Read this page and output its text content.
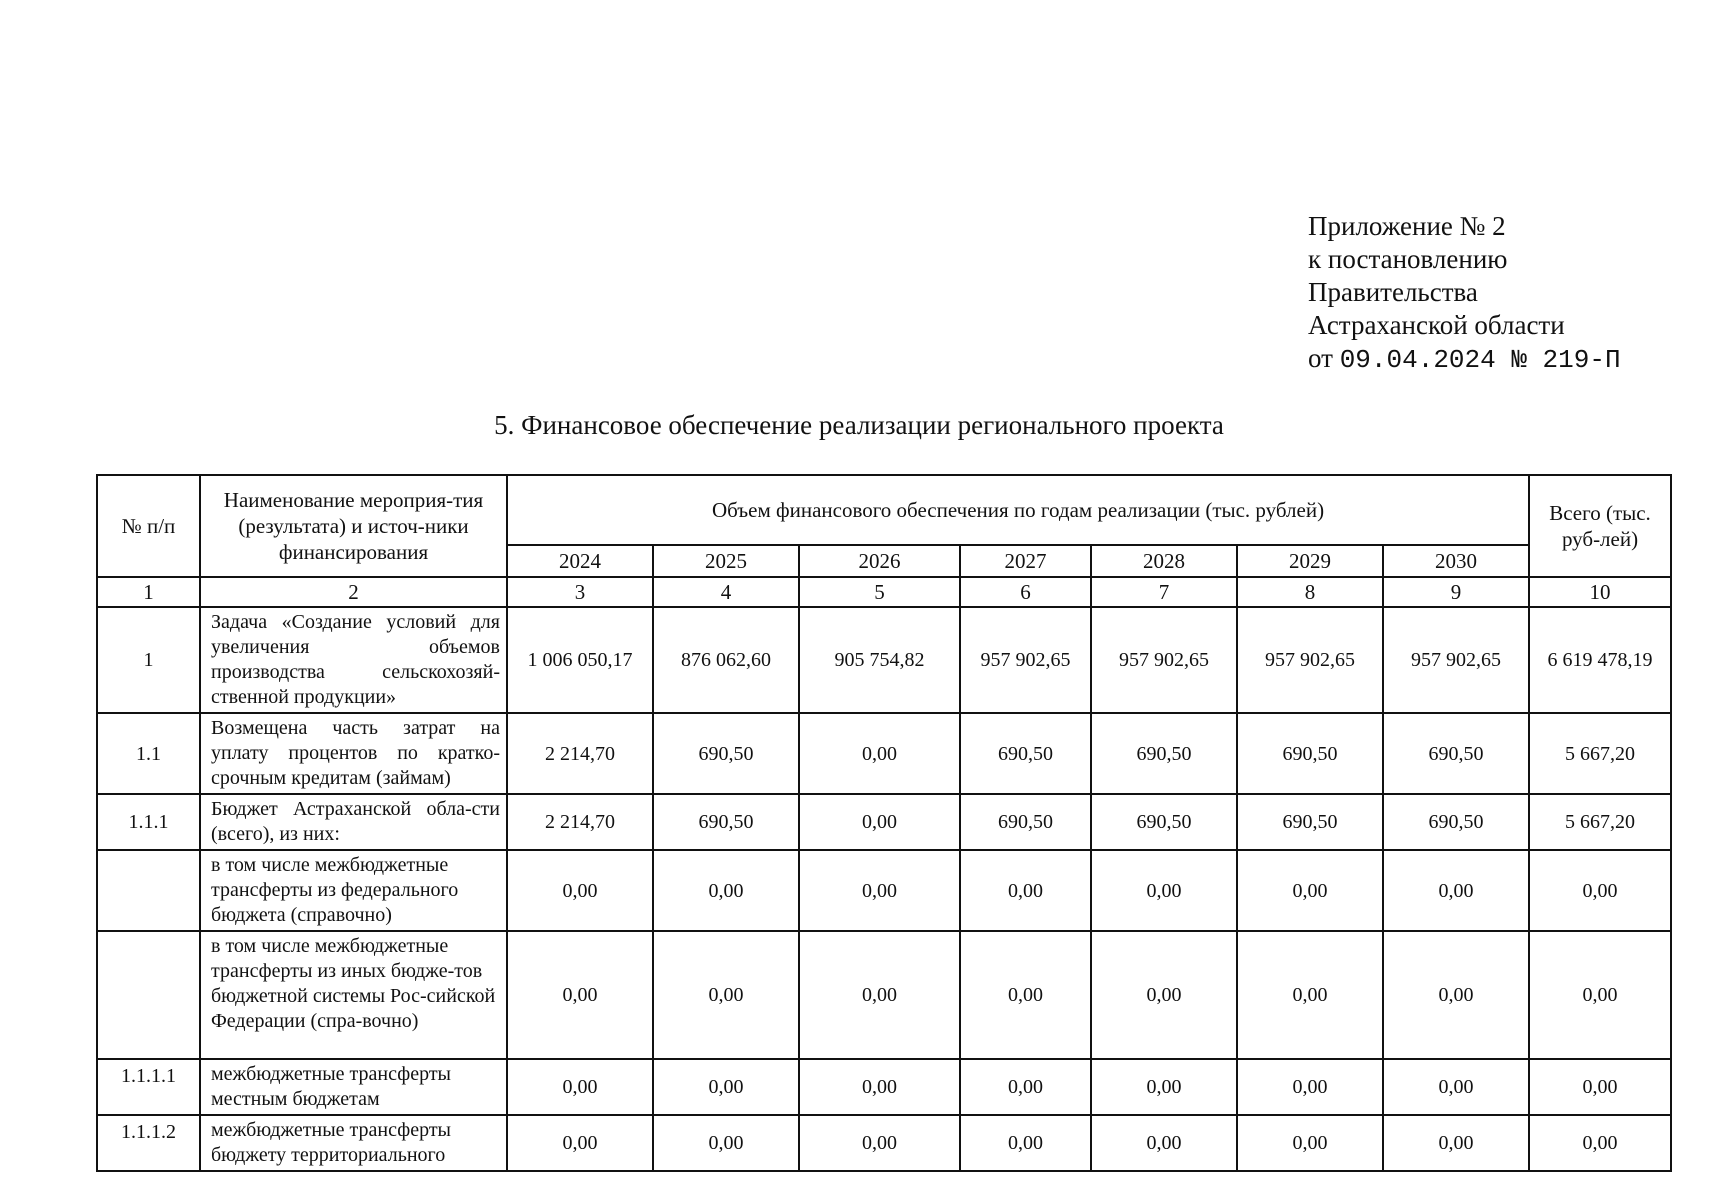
Приложение № 2
к постановлению
Правительства
Астраханской области
от 09.04.2024 № 219-П
5. Финансовое обеспечение реализации регионального проекта
№ п/п	Наименование мероприя-тия (результата) и источ-ники финансирования	Объем финансового обеспечения по годам реализации (тыс. рублей)							Всего (тыс. руб-лей)
		2024	2025	2026	2027	2028	2029	2030	
1	2	3	4	5	6	7	8	9	10
1	Задача «Создание условий для увеличения объемов производства сельскохозяй-ственной продукции»	1 006 050,17	876 062,60	905 754,82	957 902,65	957 902,65	957 902,65	957 902,65	6 619 478,19
1.1	Возмещена часть затрат на уплату процентов по кратко-срочным кредитам (займам)	2 214,70	690,50	0,00	690,50	690,50	690,50	690,50	5 667,20
1.1.1	Бюджет Астраханской обла-сти (всего), из них:	2 214,70	690,50	0,00	690,50	690,50	690,50	690,50	5 667,20
	в том числе межбюджетные трансферты из федерального бюджета (справочно)	0,00	0,00	0,00	0,00	0,00	0,00	0,00	0,00
	в том числе межбюджетные трансферты из иных бюдже-тов бюджетной системы Рос-сийской Федерации (спра-вочно)	0,00	0,00	0,00	0,00	0,00	0,00	0,00	0,00
1.1.1.1	межбюджетные трансферты местным бюджетам	0,00	0,00	0,00	0,00	0,00	0,00	0,00	0,00
1.1.1.2	межбюджетные трансферты бюджету территориального	0,00	0,00	0,00	0,00	0,00	0,00	0,00	0,00
